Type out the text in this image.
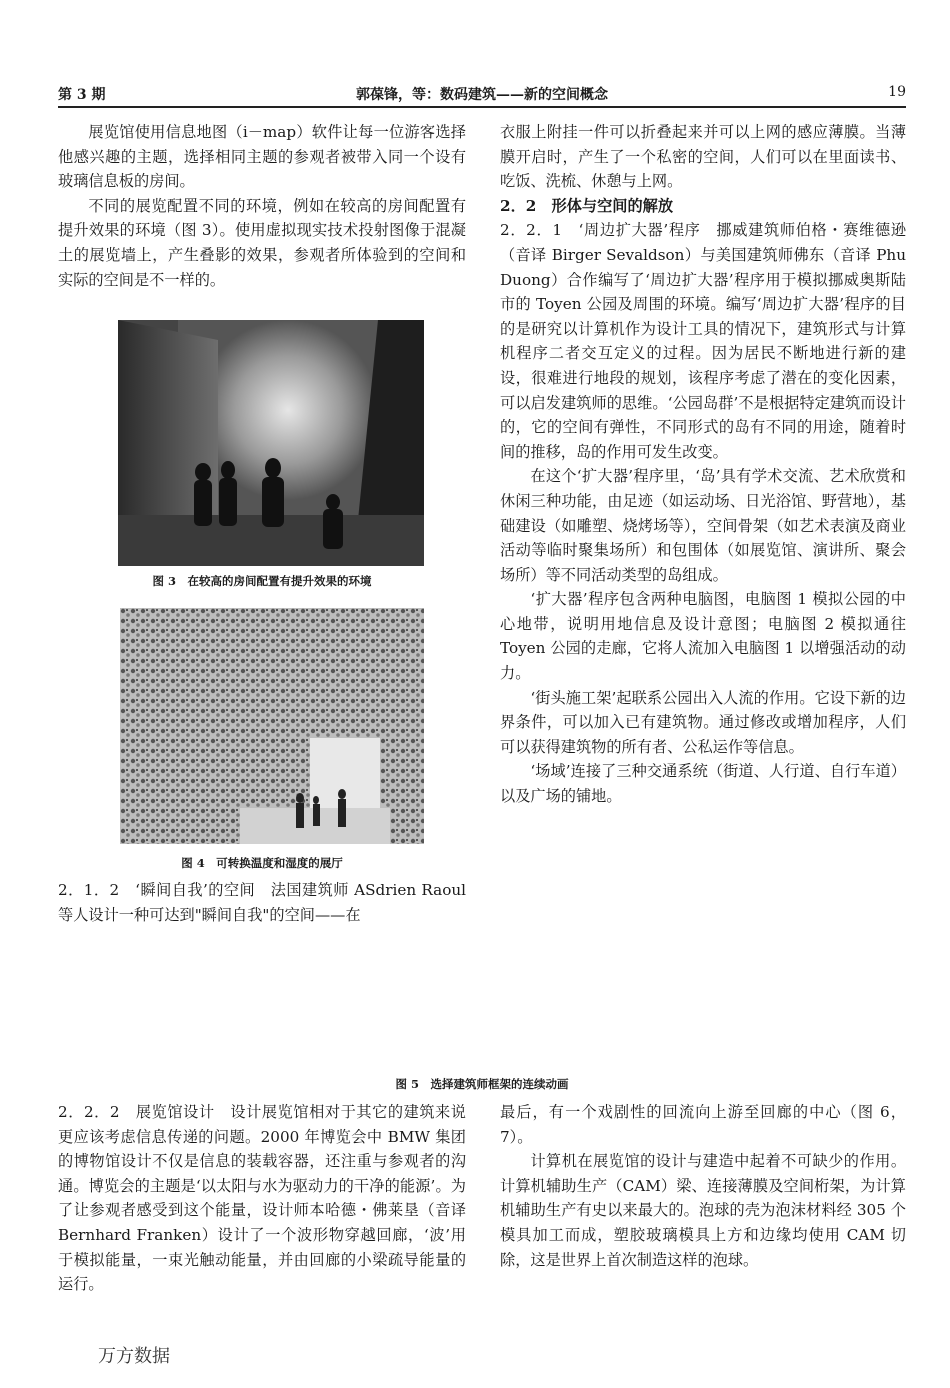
第 3 期	郭葆锋，等：数码建筑——新的空间概念	19

展览馆使用信息地图（i－map）软件让每一位游客选择他感兴趣的主题，选择相同主题的参观者被带入同一个设有玻璃信息板的房间。

不同的展览配置不同的环境，例如在较高的房间配置有提升效果的环境（图 3）。使用虚拟现实技术投射图像于混凝土的展览墙上，产生叠影的效果，参观者所体验到的空间和实际的空间是不一样的。

图 3　在较高的房间配置有提升效果的环境
图 4　可转换温度和湿度的展厅

2．1．2　‘瞬间自我’的空间　 法国建筑师 ASdrien Raoul 等人设计一种可达到"瞬间自我"的空间——在

衣服上附挂一件可以折叠起来并可以上网的感应薄膜。当薄膜开启时，产生了一个私密的空间，人们可以在里面读书、吃饭、洗梳、休憩与上网。

2．2　形体与空间的解放

2．2．1　‘周边扩大器’程序　 挪威建筑师伯格・赛维德逊（音译 Birger Sevaldson）与美国建筑师佛东（音译 Phu Duong）合作编写了‘周边扩大器’程序用于模拟挪威奥斯陆市的 Toyen 公园及周围的环境。编写‘周边扩大器’程序的目的是研究以计算机作为设计工具的情况下，建筑形式与计算机程序二者交互定义的过程。因为居民不断地进行新的建设，很难进行地段的规划，该程序考虑了潜在的变化因素，可以启发建筑师的思维。‘公园岛群’不是根据特定建筑而设计的，它的空间有弹性，不同形式的岛有不同的用途，随着时间的推移，岛的作用可发生改变。

在这个‘扩大器’程序里，‘岛’具有学术交流、艺术欣赏和休闲三种功能，由足迹（如运动场、日光浴馆、野营地），基础建设（如雕塑、烧烤场等），空间骨架（如艺术表演及商业活动等临时聚集场所）和包围体（如展览馆、演讲所、聚会场所）等不同活动类型的岛组成。

‘扩大器’程序包含两种电脑图，电脑图 1 模拟公园的中心地带，说明用地信息及设计意图；电脑图 2 模拟通往 Toyen 公园的走廊，它将人流加入电脑图 1 以增强活动的动力。

‘街头施工架’起联系公园出入人流的作用。它设下新的边界条件，可以加入已有建筑物。通过修改或增加程序，人们可以获得建筑物的所有者、公私运作等信息。

‘场域’连接了三种交通系统（街道、人行道、自行车道）以及广场的铺地。

图 5　选择建筑师框架的连续动画

2．2．2　展览馆设计　 设计展览馆相对于其它的建筑来说更应该考虑信息传递的问题。2000 年博览会中 BMW 集团的博物馆设计不仅是信息的装载容器，还注重与参观者的沟通。博览会的主题是‘以太阳与水为驱动力的干净的能源’。为了让参观者感受到这个能量，设计师本哈德・佛莱垦（音译 Bernhard Franken）设计了一个波形物穿越回廊，‘波’用于模拟能量，一束光触动能量，并由回廊的小梁疏导能量的运行。

最后，有一个戏剧性的回流向上游至回廊的中心（图 6，7）。

计算机在展览馆的设计与建造中起着不可缺少的作用。计算机辅助生产（CAM）梁、连接薄膜及空间桁架，为计算机辅助生产有史以来最大的。泡球的壳为泡沫材料经 305 个模具加工而成，塑胶玻璃模具上方和边缘均使用 CAM 切除，这是世界上首次制造这样的泡球。

万方数据
